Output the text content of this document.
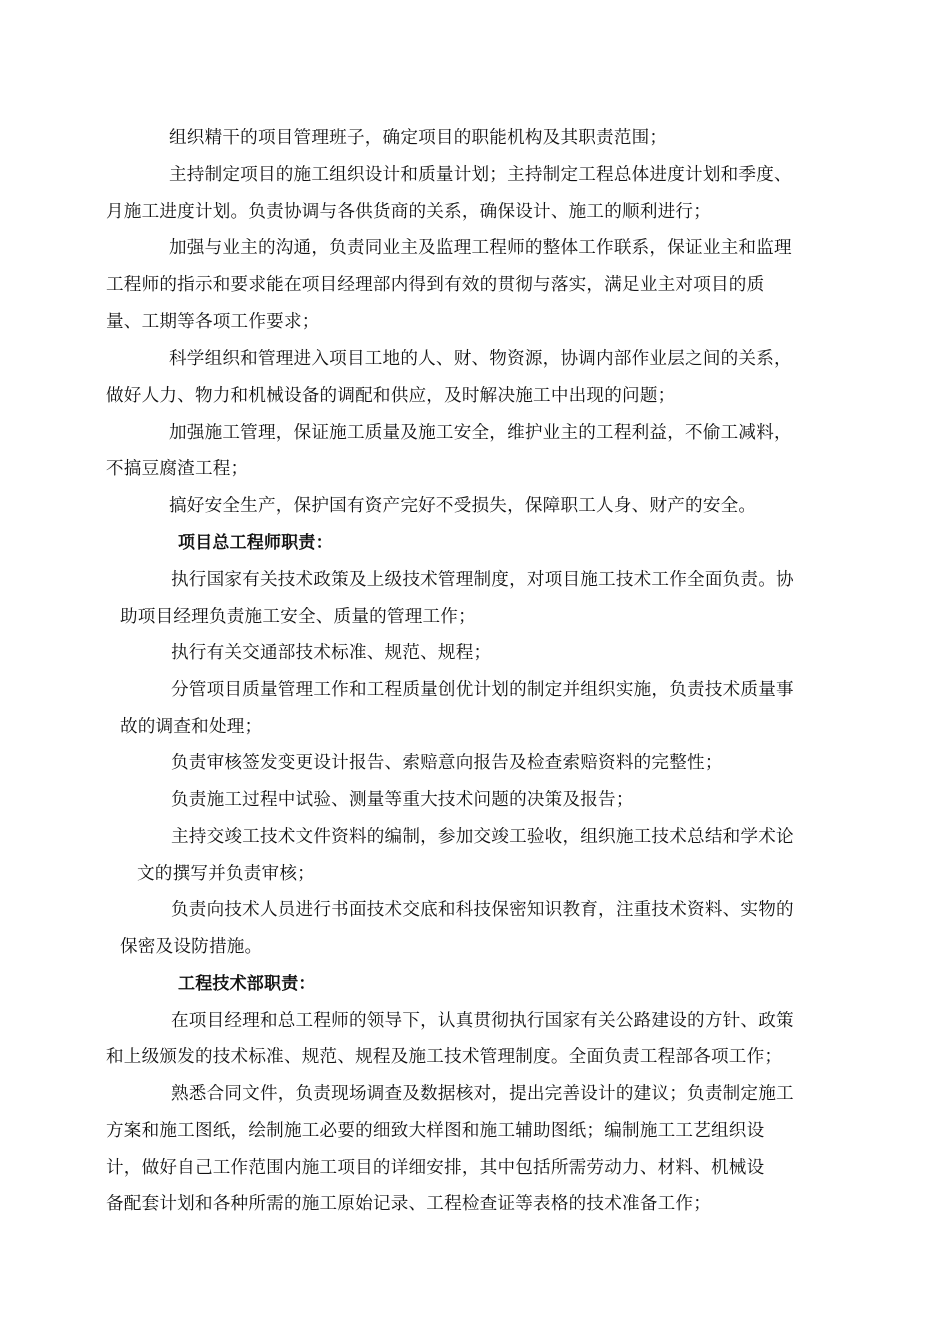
组织精干的项目管理班子，确定项目的职能机构及其职责范围；
主持制定项目的施工组织设计和质量计划；主持制定工程总体进度计划和季度、
月施工进度计划。负责协调与各供货商的关系，确保设计、施工的顺利进行；
加强与业主的沟通，负责同业主及监理工程师的整体工作联系，保证业主和监理
工程师的指示和要求能在项目经理部内得到有效的贯彻与落实，满足业主对项目的质
量、工期等各项工作要求；
科学组织和管理进入项目工地的人、财、物资源，协调内部作业层之间的关系，
做好人力、物力和机械设备的调配和供应，及时解决施工中出现的问题；
加强施工管理，保证施工质量及施工安全，维护业主的工程利益，不偷工减料，
不搞豆腐渣工程；
搞好安全生产，保护国有资产完好不受损失，保障职工人身、财产的安全。
项目总工程师职责：
执行国家有关技术政策及上级技术管理制度，对项目施工技术工作全面负责。协
助项目经理负责施工安全、质量的管理工作；
执行有关交通部技术标准、规范、规程；
分管项目质量管理工作和工程质量创优计划的制定并组织实施，负责技术质量事
故的调查和处理；
负责审核签发变更设计报告、索赔意向报告及检查索赔资料的完整性；
负责施工过程中试验、测量等重大技术问题的决策及报告；
主持交竣工技术文件资料的编制，参加交竣工验收，组织施工技术总结和学术论
文的撰写并负责审核；
负责向技术人员进行书面技术交底和科技保密知识教育，注重技术资料、实物的
保密及设防措施。
工程技术部职责：
在项目经理和总工程师的领导下，认真贯彻执行国家有关公路建设的方针、政策
和上级颁发的技术标准、规范、规程及施工技术管理制度。全面负责工程部各项工作；
熟悉合同文件，负责现场调查及数据核对，提出完善设计的建议；负责制定施工
方案和施工图纸，绘制施工必要的细致大样图和施工辅助图纸；编制施工工艺组织设
计，做好自己工作范围内施工项目的详细安排，其中包括所需劳动力、材料、机械设
备配套计划和各种所需的施工原始记录、工程检查证等表格的技术准备工作；
